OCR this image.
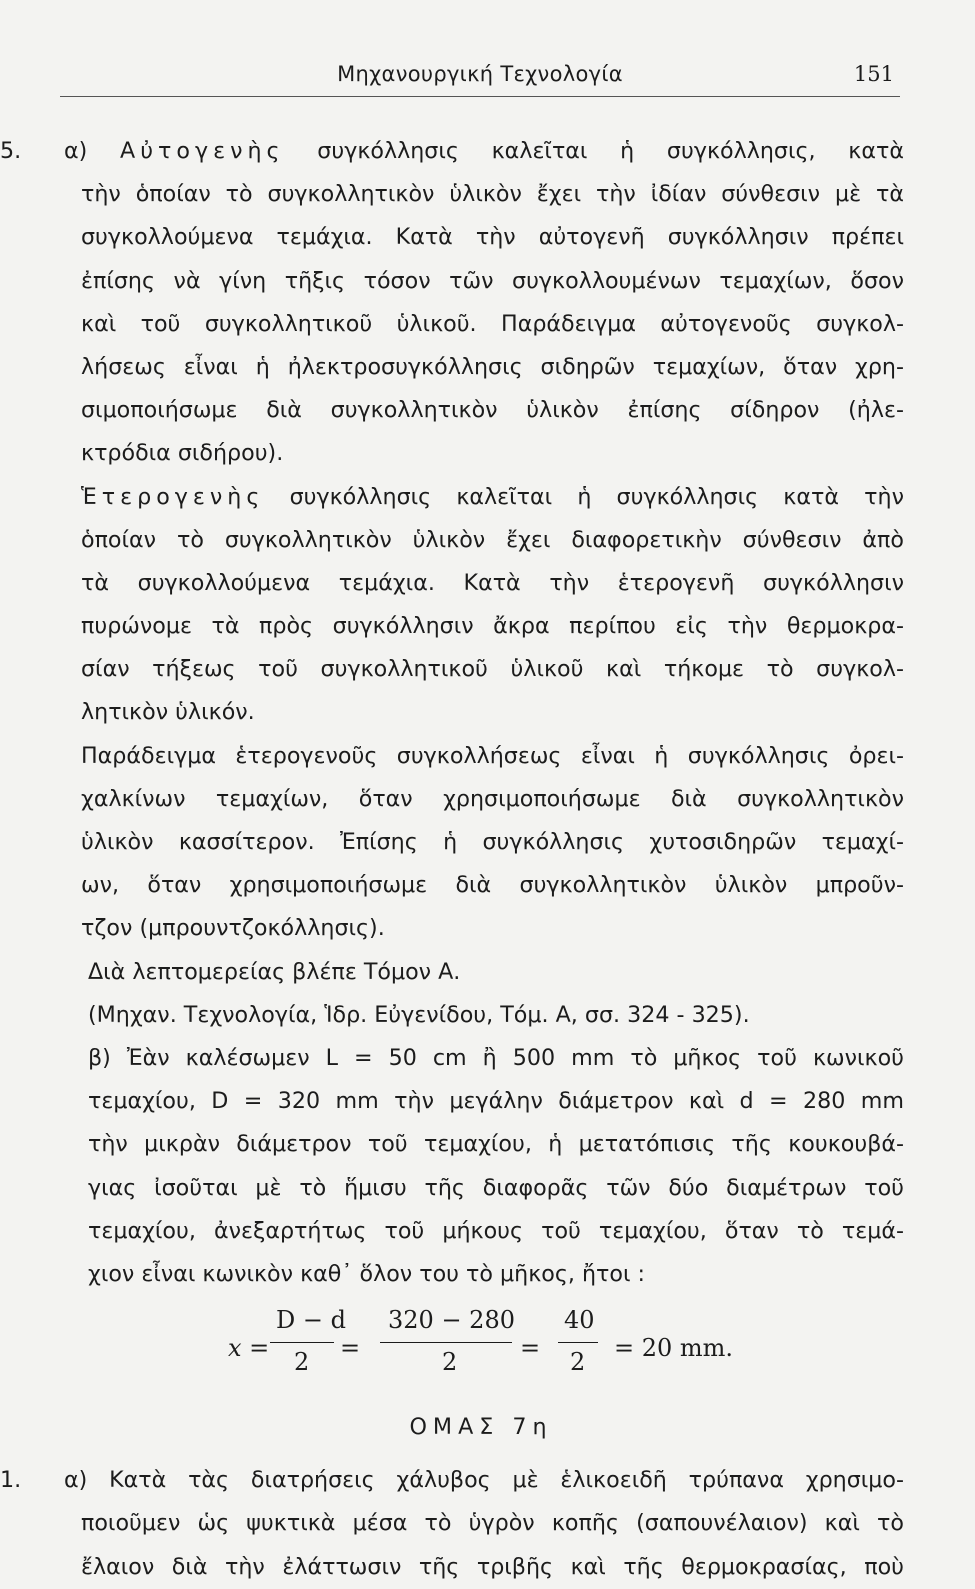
Μηχανουργική Τεχνολογία	151
5. α) Αὐτογενὴς συγκόλλησις καλεῖται ἡ συγκόλλησις, κατὰ
τὴν ὁποίαν τὸ συγκολλητικὸν ὑλικὸν ἔχει τὴν ἰδίαν σύνθεσιν μὲ τὰ
συγκολλούμενα τεμάχια. Κατὰ τὴν αὐτογενῆ συγκόλλησιν πρέπει
ἐπίσης νὰ γίνη τῆξις τόσον τῶν συγκολλουμένων τεμαχίων, ὅσον
καὶ τοῦ συγκολλητικοῦ ὑλικοῦ. Παράδειγμα αὐτογενοῦς συγκολ-
λήσεως εἶναι ἡ ἠλεκτροσυγκόλλησις σιδηρῶν τεμαχίων, ὅταν χρη-
σιμοποιήσωμε διὰ συγκολλητικὸν ὑλικὸν ἐπίσης σίδηρον (ἠλε-
κτρόδια σιδήρου).
Ἑτερογενὴς συγκόλλησις καλεῖται ἡ συγκόλλησις κατὰ τὴν
ὁποίαν τὸ συγκολλητικὸν ὑλικὸν ἔχει διαφορετικὴν σύνθεσιν ἀπὸ
τὰ συγκολλούμενα τεμάχια. Κατὰ τὴν ἑτερογενῆ συγκόλλησιν
πυρώνομε τὰ πρὸς συγκόλλησιν ἄκρα περίπου εἰς τὴν θερμοκρα-
σίαν τήξεως τοῦ συγκολλητικοῦ ὑλικοῦ καὶ τήκομε τὸ συγκολ-
λητικὸν ὑλικόν.
Παράδειγμα ἑτερογενοῦς συγκολλήσεως εἶναι ἡ συγκόλλησις ὀρει-
χαλκίνων τεμαχίων, ὅταν χρησιμοποιήσωμε διὰ συγκολλητικὸν
ὑλικὸν κασσίτερον. Ἐπίσης ἡ συγκόλλησις χυτοσιδηρῶν τεμαχί-
ων, ὅταν χρησιμοποιήσωμε διὰ συγκολλητικὸν ὑλικὸν μπροῦν-
τζον (μπρουντζοκόλλησις).
Διὰ λεπτομερείας βλέπε Τόμον Α.
(Μηχαν. Τεχνολογία, Ἱδρ. Εὐγενίδου, Τόμ. Α, σσ. 324 - 325).
β) Ἐὰν καλέσωμεν L = 50 cm ἢ 500 mm τὸ μῆκος τοῦ κωνικοῦ
τεμαχίου, D = 320 mm τὴν μεγάλην διάμετρον καὶ d = 280 mm
τὴν μικρὰν διάμετρον τοῦ τεμαχίου, ἡ μετατόπισις τῆς κουκουβά-
γιας ἰσοῦται μὲ τὸ ἥμισυ τῆς διαφορᾶς τῶν δύο διαμέτρων τοῦ
τεμαχίου, ἀνεξαρτήτως τοῦ μήκους τοῦ τεμαχίου, ὅταν τὸ τεμά-
χιον εἶναι κωνικὸν καθ᾽ ὅλον του τὸ μῆκος, ἤτοι :
x =
D − d
2 =
320 − 280
2	=
40
2 = 20 mm.
ΟΜΑΣ 7η
1. α) Κατὰ τὰς διατρήσεις χάλυβος μὲ ἑλικοειδῆ τρύπανα χρησιμο-
ποιοῦμεν ὡς ψυκτικὰ μέσα τὸ ὑγρὸν κοπῆς (σαπουνέλαιον) καὶ τὸ
ἔλαιον διὰ τὴν ἐλάττωσιν τῆς τριβῆς καὶ τῆς θερμοκρασίας, ποὺ
